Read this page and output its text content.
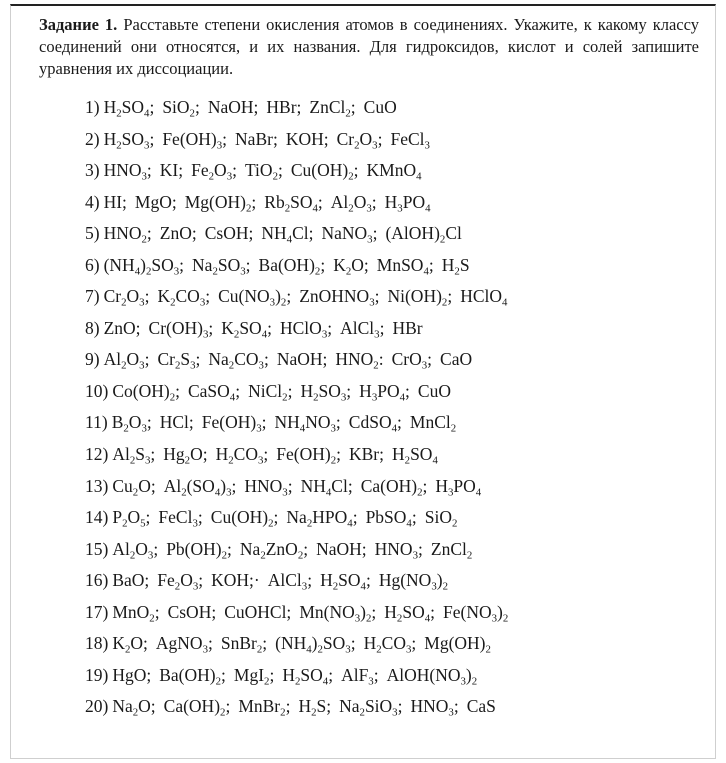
Задание 1. Расставьте степени окисления атомов в соединениях. Укажите, к какому классу соединений они относятся, и их названия. Для гидроксидов, кислот и солей запишите уравнения их диссоциации.
1) $H_2SO_4$; SiO$_2$; NaOH; HBr; ZnCl$_2$; CuO
2) $H_2SO_3$; $Fe(OH)_3$; NaBr; KOH; $Cr_2O_3$; FeCl$_3$
3) $HNO_3$; KI; $Fe_2O_3$; TiO$_2$; $Cu(OH)_2$; KMnO$_4$
4) HI; MgO; $Mg(OH)_2$; $Rb_2SO_4$; $Al_2O_3$; $H_3PO_4$
5) $HNO_2$; ZnO; CsOH; $NH_4Cl$; NaNO$_3$; $(AlOH)_2Cl$
6) $(NH_4)_2SO_3$; $Na_2SO_3$; $Ba(OH)_2$; $K_2O$; MnSO$_4$; $H_2S$
7) $Cr_2O_3$; $K_2CO_3$; $Cu(NO_3)_2$; ZnOHNO$_3$; $Ni(OH)_2$; HClO$_4$
8) ZnO; $Cr(OH)_3$; $K_2SO_4$; HClO$_3$; AlCl$_3$; HBr
9) $Al_2O_3$; $Cr_2S_3$; $Na_2CO_3$; NaOH; $HNO_2$: CrO$_3$; CaO
10) $Co(OH)_2$; CaSO$_4$; NiCl$_2$; $H_2SO_3$; $H_3PO_4$; CuO
11) $B_2O_3$; HCl; $Fe(OH)_3$; $NH_4NO_3$; CdSO$_4$; MnCl$_2$
12) $Al_2S_3$; $Hg_2O$; $H_2CO_3$; $Fe(OH)_2$; KBr; $H_2SO_4$
13) $Cu_2O$; $Al_2(SO_4)_3$; $HNO_3$; $NH_4Cl$; $Ca(OH)_2$; $H_3PO_4$
14) $P_2O_5$; FeCl$_3$; $Cu(OH)_2$; $Na_2HPO_4$; PbSO$_4$; SiO$_2$
15) $Al_2O_3$; $Pb(OH)_2$; $Na_2ZnO_2$; NaOH; $HNO_3$; ZnCl$_2$
16) BaO; $Fe_2O_3$; KOH;· AlCl$_3$; $H_2SO_4$; $Hg(NO_3)_2$
17) MnO$_2$; CsOH; CuOHCl; $Mn(NO_3)_2$; $H_2SO_4$; $Fe(NO_3)_2$
18) $K_2O$; AgNO$_3$; SnBr$_2$; $(NH_4)_2SO_3$; $H_2CO_3$; $Mg(OH)_2$
19) HgO; $Ba(OH)_2$; MgI$_2$; $H_2SO_4$; AlF$_3$; $AlOH(NO_3)_2$
20) $Na_2O$; $Ca(OH)_2$; MnBr$_2$; $H_2S$; $Na_2SiO_3$; $HNO_3$; CaS
